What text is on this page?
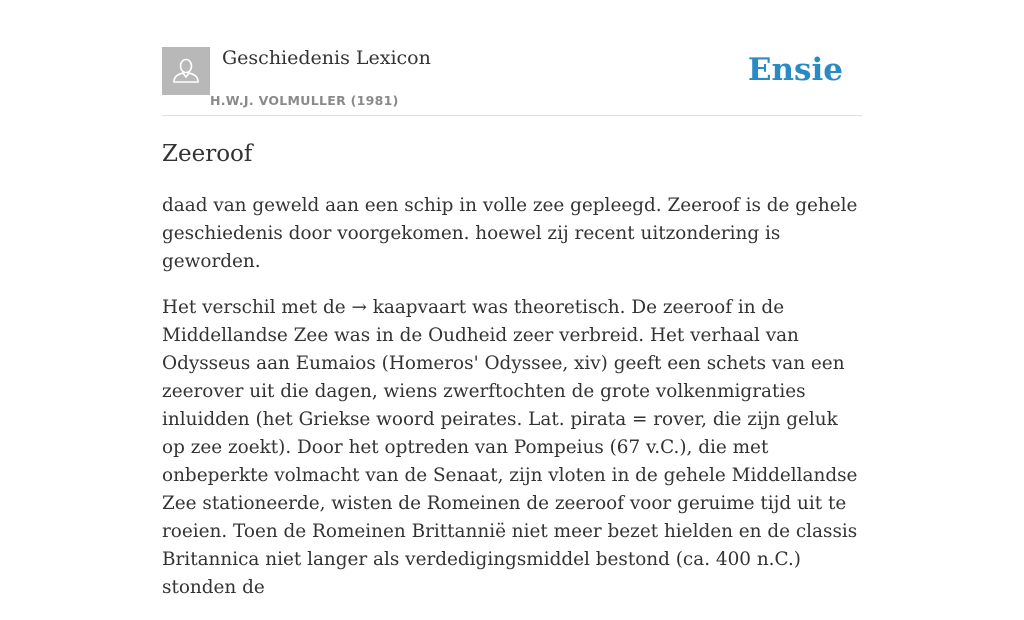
Geschiedenis Lexicon
H.W.J. VOLMULLER (1981)
Ensie
Zeeroof

daad van geweld aan een schip in volle zee gepleegd. Zeeroof is de gehele geschiedenis door voorgekomen. hoewel zij recent uitzondering is geworden.

Het verschil met de → kaapvaart was theoretisch. De zeeroof in de Middellandse Zee was in de Oudheid zeer verbreid. Het verhaal van Odysseus aan Eumaios (Homeros' Odyssee, xiv) geeft een schets van een zeerover uit die dagen, wiens zwerftochten de grote volkenmigraties inluidden (het Griekse woord peirates. Lat. pirata = rover, die zijn geluk op zee zoekt). Door het optreden van Pompeius (67 v.C.), die met onbeperkte volmacht van de Senaat, zijn vloten in de gehele Middellandse Zee stationeerde, wisten de Romeinen de zeeroof voor geruime tijd uit te roeien. Toen de Romeinen Brittannië niet meer bezet hielden en de classis Britannica niet langer als verdedigingsmiddel bestond (ca. 400 n.C.) stonden de
